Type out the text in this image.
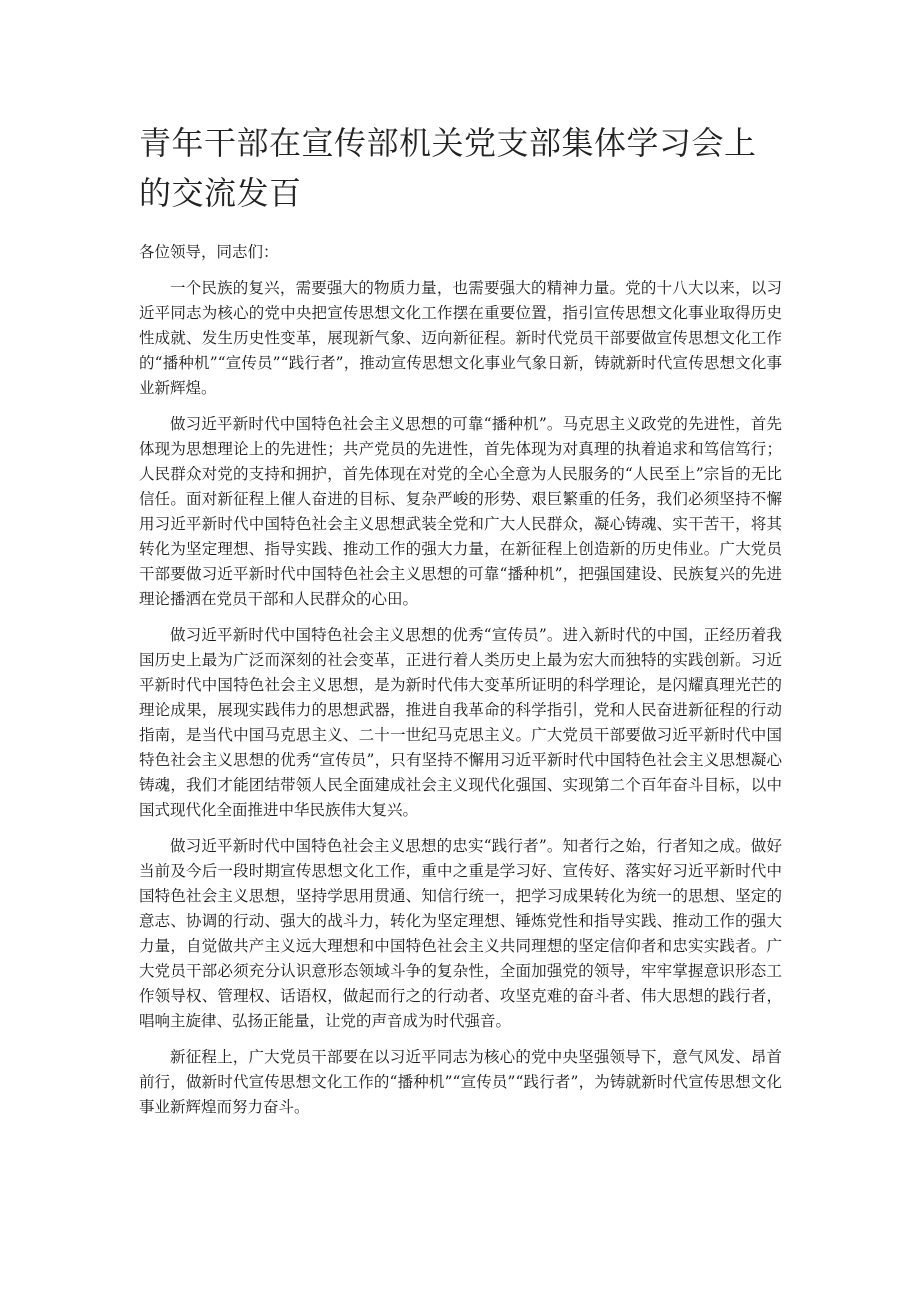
青年干部在宣传部机关党支部集体学习会上的交流发百

各位领导，同志们：

一个民族的复兴，需要强大的物质力量，也需要强大的精神力量。党的十八大以来，以习近平同志为核心的党中央把宣传思想文化工作摆在重要位置，指引宣传思想文化事业取得历史性成就、发生历史性变革，展现新气象、迈向新征程。新时代党员干部要做宣传思想文化工作的“播种机”“宣传员”“践行者”，推动宣传思想文化事业气象日新，铸就新时代宣传思想文化事业新辉煌。

做习近平新时代中国特色社会主义思想的可靠“播种机”。马克思主义政党的先进性，首先体现为思想理论上的先进性；共产党员的先进性，首先体现为对真理的执着追求和笃信笃行；人民群众对党的支持和拥护，首先体现在对党的全心全意为人民服务的“人民至上”宗旨的无比信任。面对新征程上催人奋进的目标、复杂严峻的形势、艰巨繁重的任务，我们必须坚持不懈用习近平新时代中国特色社会主义思想武装全党和广大人民群众，凝心铸魂、实干苦干，将其转化为坚定理想、指导实践、推动工作的强大力量，在新征程上创造新的历史伟业。广大党员干部要做习近平新时代中国特色社会主义思想的可靠“播种机”，把强国建设、民族复兴的先进理论播洒在党员干部和人民群众的心田。

做习近平新时代中国特色社会主义思想的优秀“宣传员”。进入新时代的中国，正经历着我国历史上最为广泛而深刻的社会变革，正进行着人类历史上最为宏大而独特的实践创新。习近平新时代中国特色社会主义思想，是为新时代伟大变革所证明的科学理论，是闪耀真理光芒的理论成果，展现实践伟力的思想武器，推进自我革命的科学指引，党和人民奋进新征程的行动指南，是当代中国马克思主义、二十一世纪马克思主义。广大党员干部要做习近平新时代中国特色社会主义思想的优秀“宣传员”，只有坚持不懈用习近平新时代中国特色社会主义思想凝心铸魂，我们才能团结带领人民全面建成社会主义现代化强国、实现第二个百年奋斗目标，以中国式现代化全面推进中华民族伟大复兴。

做习近平新时代中国特色社会主义思想的忠实“践行者”。知者行之始，行者知之成。做好当前及今后一段时期宣传思想文化工作，重中之重是学习好、宣传好、落实好习近平新时代中国特色社会主义思想，坚持学思用贯通、知信行统一，把学习成果转化为统一的思想、坚定的意志、协调的行动、强大的战斗力，转化为坚定理想、锤炼党性和指导实践、推动工作的强大力量，自觉做共产主义远大理想和中国特色社会主义共同理想的坚定信仰者和忠实实践者。广大党员干部必须充分认识意形态领域斗争的复杂性，全面加强党的领导，牢牢掌握意识形态工作领导权、管理权、话语权，做起而行之的行动者、攻坚克难的奋斗者、伟大思想的践行者，唱响主旋律、弘扬正能量，让党的声音成为时代强音。

新征程上，广大党员干部要在以习近平同志为核心的党中央坚强领导下，意气风发、昂首前行，做新时代宣传思想文化工作的“播种机”“宣传员”“践行者”，为铸就新时代宣传思想文化事业新辉煌而努力奋斗。
